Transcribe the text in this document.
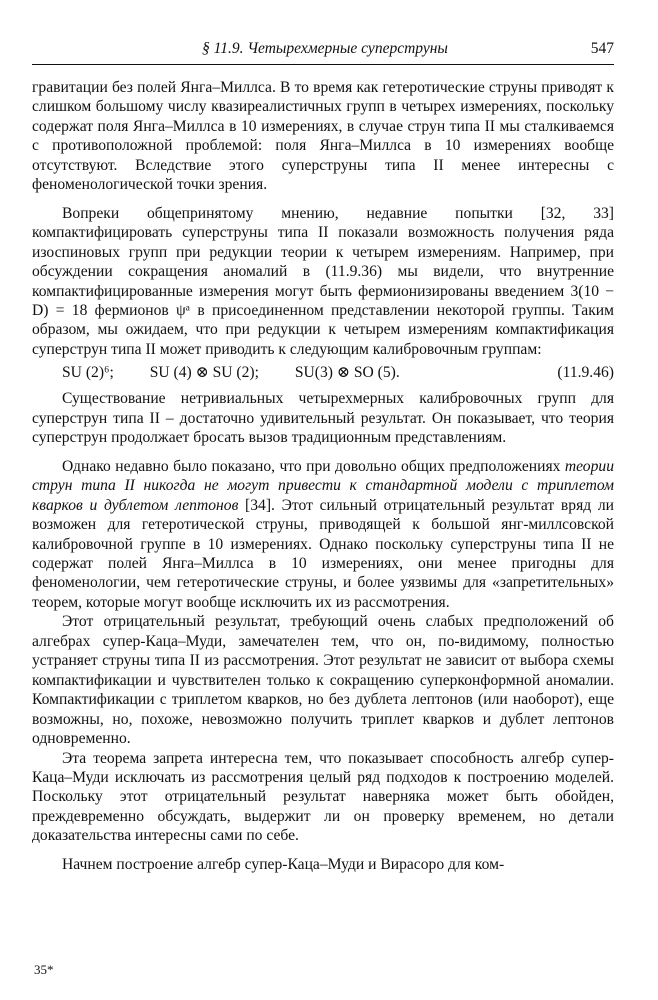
§ 11.9. Четырехмерные суперструны	547

гравитации без полей Янга–Миллса. В то время как гетеротические струны приводят к слишком большому числу квазиреалистичных групп в четырех измерениях, поскольку содержат поля Янга–Миллса в 10 измерениях, в случае струн типа II мы сталкиваемся с противоположной проблемой: поля Янга–Миллса в 10 измерениях вообще отсутствуют. Вследствие этого суперструны типа II менее интересны с феноменологической точки зрения.

Вопреки общепринятому мнению, недавние попытки [32, 33] компактифицировать суперструны типа II показали возможность получения ряда изоспиновых групп при редукции теории к четырем измерениям. Например, при обсуждении сокращения аномалий в (11.9.36) мы видели, что внутренние компактифицированные измерения могут быть фермионизированы введением 3(10 − D) = 18 фермионов ψᵃ в присоединенном представлении некоторой группы. Таким образом, мы ожидаем, что при редукции к четырем измерениям компактификация суперструн типа II может приводить к следующим калибровочным группам:

SU (2)⁶; SU (4) ⊗ SU (2); SU(3) ⊗ SO (5).	(11.9.46)

Существование нетривиальных четырехмерных калибровочных групп для суперструн типа II – достаточно удивительный результат. Он показывает, что теория суперструн продолжает бросать вызов традиционным представлениям.

Однако недавно было показано, что при довольно общих предположениях теории струн типа II никогда не могут привести к стандартной модели с триплетом кварков и дублетом лептонов [34]. Этот сильный отрицательный результат вряд ли возможен для гетеротической струны, приводящей к большой янг-миллсовской калибровочной группе в 10 измерениях. Однако поскольку суперструны типа II не содержат полей Янга–Миллса в 10 измерениях, они менее пригодны для феноменологии, чем гетеротические струны, и более уязвимы для «запретительных» теорем, которые могут вообще исключить их из рассмотрения.

Этот отрицательный результат, требующий очень слабых предположений об алгебрах супер-Каца–Муди, замечателен тем, что он, по-видимому, полностью устраняет струны типа II из рассмотрения. Этот результат не зависит от выбора схемы компактификации и чувствителен только к сокращению суперконформной аномалии. Компактификации с триплетом кварков, но без дублета лептонов (или наоборот), еще возможны, но, похоже, невозможно получить триплет кварков и дублет лептонов одновременно.

Эта теорема запрета интересна тем, что показывает способность алгебр супер-Каца–Муди исключать из рассмотрения целый ряд подходов к построению моделей. Поскольку этот отрицательный результат наверняка может быть обойден, преждевременно обсуждать, выдержит ли он проверку временем, но детали доказательства интересны сами по себе.

Начнем построение алгебр супер-Каца–Муди и Вирасоро для ком-

35*
